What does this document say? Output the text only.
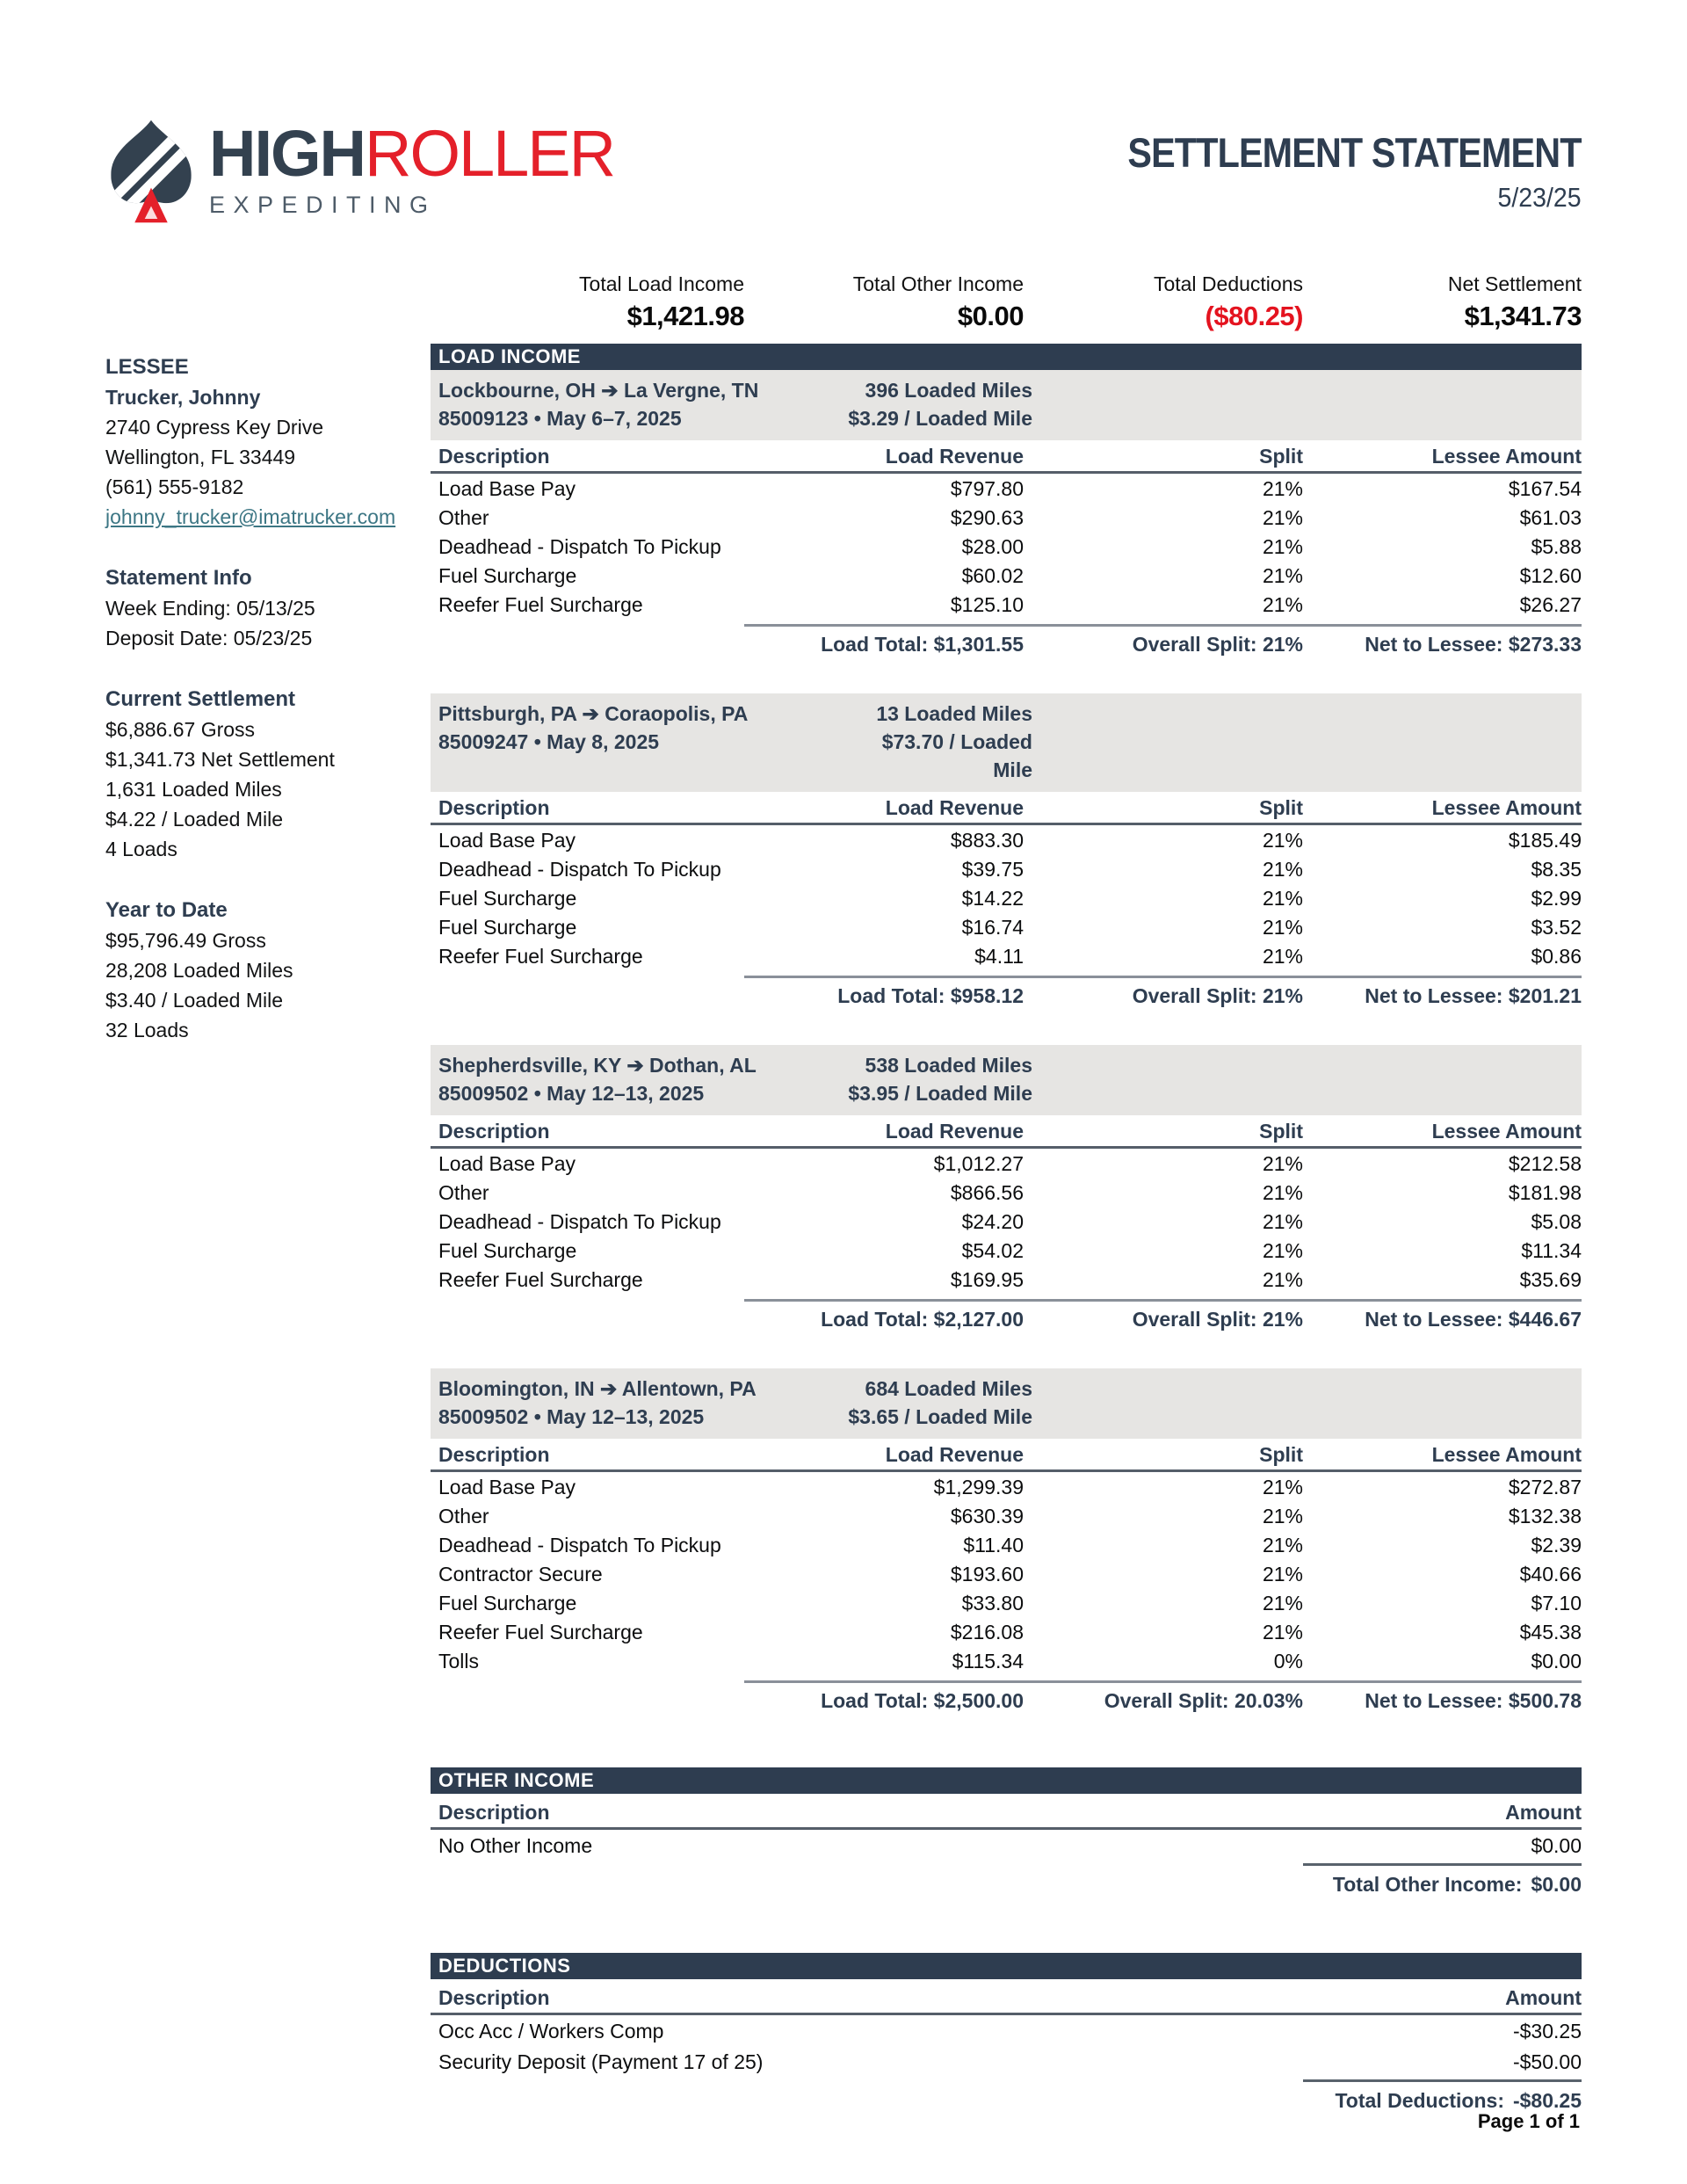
HIGHROLLER
EXPEDITING
SETTLEMENT STATEMENT
5/23/25
Total Load Income
$1,421.98
Total Other Income
$0.00
Total Deductions
($80.25)
Net Settlement
$1,341.73
LESSEE
Trucker, Johnny
2740 Cypress Key Drive
Wellington, FL 33449
(561) 555-9182
johnny_trucker@imatrucker.com
Statement Info
Week Ending: 05/13/25
Deposit Date: 05/23/25
Current Settlement
$6,886.67 Gross
$1,341.73 Net Settlement
1,631 Loaded Miles
$4.22 / Loaded Mile
4 Loads
Year to Date
$95,796.49 Gross
28,208 Loaded Miles
$3.40 / Loaded Mile
32 Loads
LOAD INCOME
Lockbourne, OH ➔ La Vergne, TN	396 Loaded Miles
85009123 • May 6–7, 2025	$3.29 / Loaded Mile
Description	Load Revenue	Split	Lessee Amount
Load Base Pay	$797.80	21%	$167.54
Other	$290.63	21%	$61.03
Deadhead - Dispatch To Pickup	$28.00	21%	$5.88
Fuel Surcharge	$60.02	21%	$12.60
Reefer Fuel Surcharge	$125.10	21%	$26.27
Load Total: $1,301.55	Overall Split: 21%	Net to Lessee: $273.33
Pittsburgh, PA ➔ Coraopolis, PA	13 Loaded Miles
85009247 • May 8, 2025	$73.70 / Loaded Mile
Description	Load Revenue	Split	Lessee Amount
Load Base Pay	$883.30	21%	$185.49
Deadhead - Dispatch To Pickup	$39.75	21%	$8.35
Fuel Surcharge	$14.22	21%	$2.99
Fuel Surcharge	$16.74	21%	$3.52
Reefer Fuel Surcharge	$4.11	21%	$0.86
Load Total: $958.12	Overall Split: 21%	Net to Lessee: $201.21
Shepherdsville, KY ➔ Dothan, AL	538 Loaded Miles
85009502 • May 12–13, 2025	$3.95 / Loaded Mile
Description	Load Revenue	Split	Lessee Amount
Load Base Pay	$1,012.27	21%	$212.58
Other	$866.56	21%	$181.98
Deadhead - Dispatch To Pickup	$24.20	21%	$5.08
Fuel Surcharge	$54.02	21%	$11.34
Reefer Fuel Surcharge	$169.95	21%	$35.69
Load Total: $2,127.00	Overall Split: 21%	Net to Lessee: $446.67
Bloomington, IN ➔ Allentown, PA	684 Loaded Miles
85009502 • May 12–13, 2025	$3.65 / Loaded Mile
Description	Load Revenue	Split	Lessee Amount
Load Base Pay	$1,299.39	21%	$272.87
Other	$630.39	21%	$132.38
Deadhead - Dispatch To Pickup	$11.40	21%	$2.39
Contractor Secure	$193.60	21%	$40.66
Fuel Surcharge	$33.80	21%	$7.10
Reefer Fuel Surcharge	$216.08	21%	$45.38
Tolls	$115.34	0%	$0.00
Load Total: $2,500.00	Overall Split: 20.03%	Net to Lessee: $500.78
OTHER INCOME
Description	Amount
No Other Income	$0.00
Total Other Income: $0.00
DEDUCTIONS
Description	Amount
Occ Acc / Workers Comp	-$30.25
Security Deposit (Payment 17 of 25)	-$50.00
Total Deductions: -$80.25
Page 1 of 1
